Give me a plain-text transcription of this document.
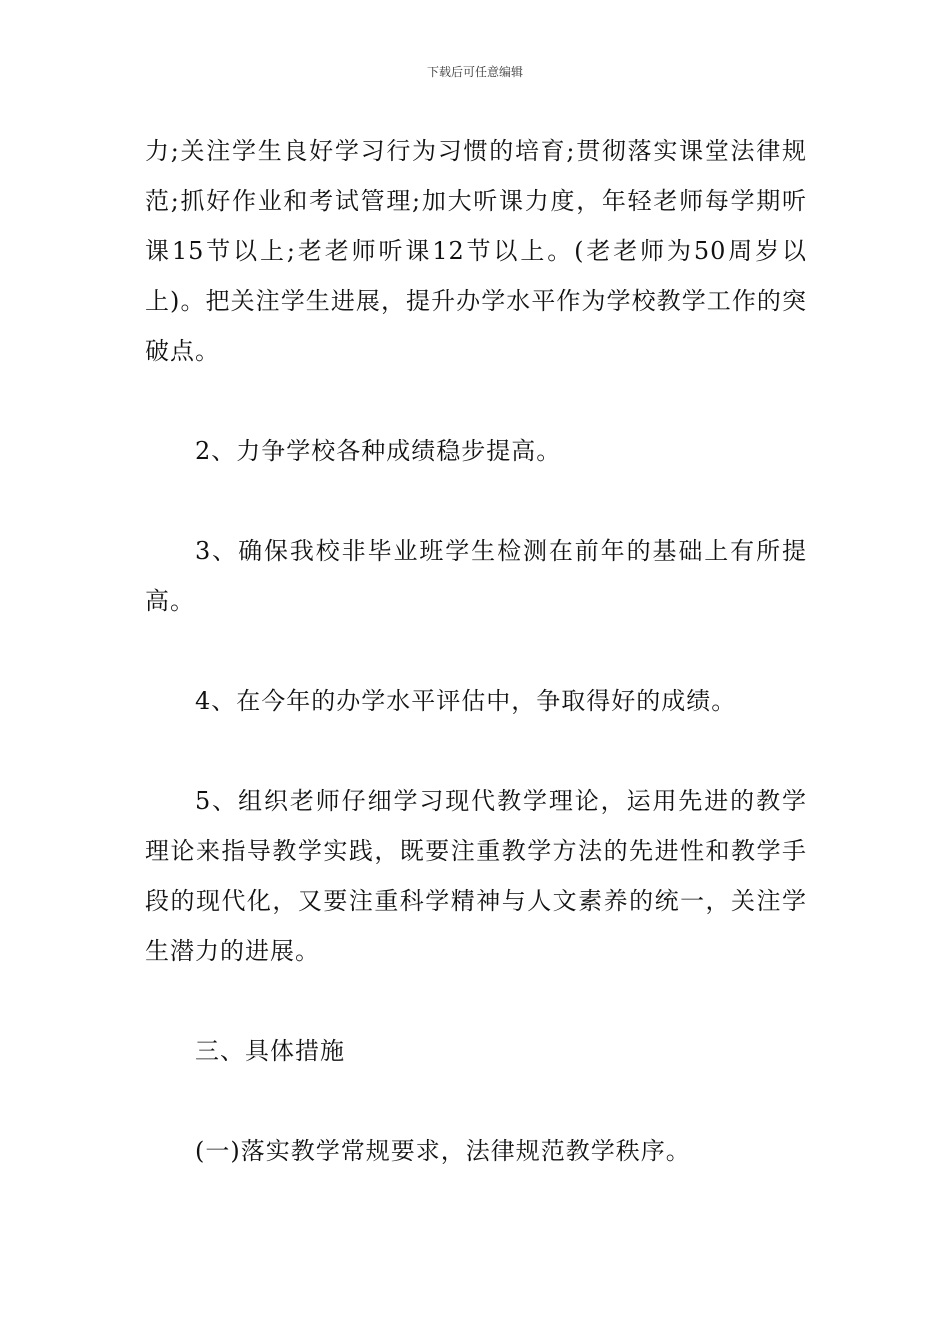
下载后可任意编辑

力;关注学生良好学习行为习惯的培育;贯彻落实课堂法律规范;抓好作业和考试管理;加大听课力度，年轻老师每学期听课15节以上;老老师听课12节以上。(老老师为50周岁以上)。把关注学生进展，提升办学水平作为学校教学工作的突破点。

2、力争学校各种成绩稳步提高。

3、确保我校非毕业班学生检测在前年的基础上有所提高。

4、在今年的办学水平评估中，争取得好的成绩。

5、组织老师仔细学习现代教学理论，运用先进的教学理论来指导教学实践，既要注重教学方法的先进性和教学手段的现代化，又要注重科学精神与人文素养的统一，关注学生潜力的进展。

三、具体措施

(一)落实教学常规要求，法律规范教学秩序。
